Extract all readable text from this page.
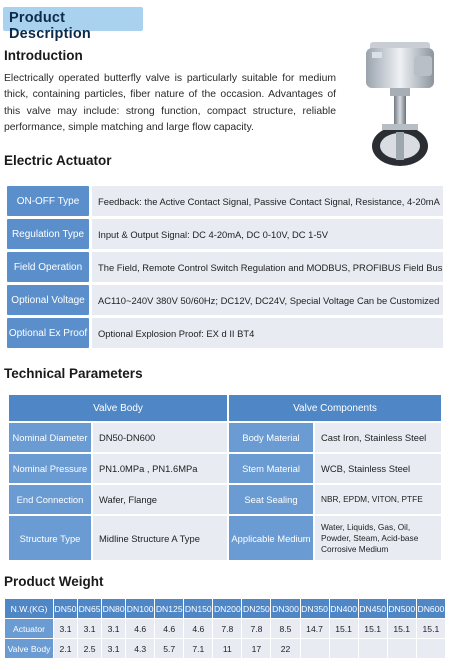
Product Description
Introduction
Electrically operated butterfly valve is particularly suitable for medium thick, containing particles, fiber nature of the occasion. Advantages of this valve may include: strong function, compact structure, reliable performance, simple matching and large flow capacity.
Electric Actuator
ON-OFF Type	Feedback: the Active Contact Signal, Passive Contact Signal, Resistance, 4-20mA
Regulation Type	Input & Output Signal: DC 4-20mA, DC 0-10V, DC 1-5V
Field Operation	The Field, Remote Control Switch Regulation and MODBUS, PROFIBUS Field Bus
Optional Voltage	AC110~240V 380V 50/60Hz; DC12V, DC24V, Special Voltage Can be Customized
Optional Ex Proof	Optional Explosion Proof: EX d II BT4
Technical Parameters
Valve Body		Valve Components	
Nominal Diameter	DN50-DN600	Body Material	Cast Iron, Stainless Steel
Nominal Pressure	PN1.0MPa , PN1.6MPa	Stem Material	WCB, Stainless Steel
End Connection	Wafer, Flange	Seat Sealing	NBR, EPDM, VITON, PTFE
Structure Type	Midline Structure A Type	Applicable Medium	Water, Liquids, Gas, Oil, Powder, Steam, Acid-base Corrosive Medium
Product Weight
N.W.(KG)	DN50	DN65	DN80	DN100	DN125	DN150	DN200	DN250	DN300	DN350	DN400	DN450	DN500	DN600
Actuator	3.1	3.1	3.1	4.6	4.6	4.6	7.8	7.8	8.5	14.7	15.1	15.1	15.1	15.1
Valve Body	2.1	2.5	3.1	4.3	5.7	7.1	11	17	22					
